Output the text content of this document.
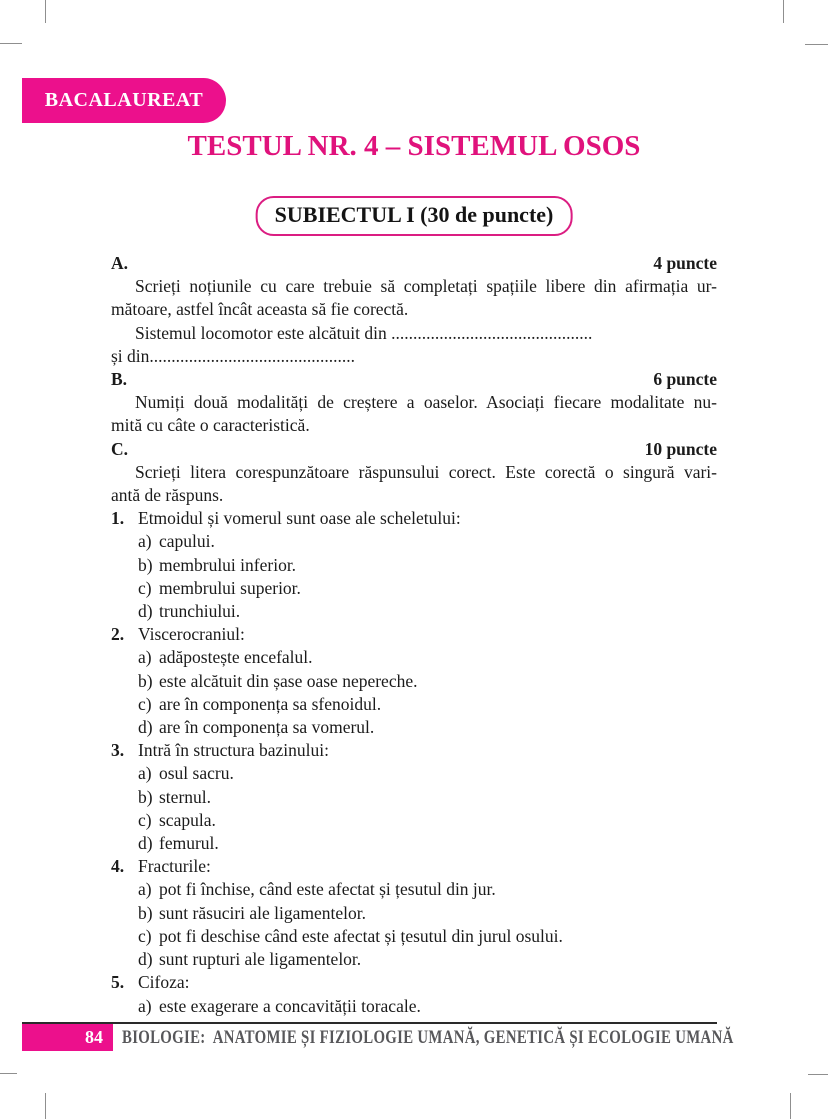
BACALAUREAT
TESTUL NR. 4 – SISTEMUL OSOS
SUBIECTUL I (30 de puncte)
A.	4 puncte
Scrieți noțiunile cu care trebuie să completați spațiile libere din afirmația ur-
mătoare, astfel încât aceasta să fie corectă.
Sistemul locomotor este alcătuit din ..............................................
și din...............................................
B.	6 puncte
Numiți două modalități de creștere a oaselor. Asociați fiecare modalitate nu-
mită cu câte o caracteristică.
C.	10 puncte
Scrieți litera corespunzătoare răspunsului corect. Este corectă o singură vari-
antă de răspuns.
1. Etmoidul și vomerul sunt oase ale scheletului:
a) capului.
b) membrului inferior.
c) membrului superior.
d) trunchiului.
2. Viscerocraniul:
a) adăpostește encefalul.
b) este alcătuit din șase oase nepereche.
c) are în componența sa sfenoidul.
d) are în componența sa vomerul.
3. Intră în structura bazinului:
a) osul sacru.
b) sternul.
c) scapula.
d) femurul.
4. Fracturile:
a) pot fi închise, când este afectat și țesutul din jur.
b) sunt răsuciri ale ligamentelor.
c) pot fi deschise când este afectat și țesutul din jurul osului.
d) sunt rupturi ale ligamentelor.
5. Cifoza:
a) este exagerare a concavității toracale.
84 BIOLOGIE:  ANATOMIE ȘI FIZIOLOGIE UMANĂ, GENETICĂ ȘI ECOLOGIE UMANĂ
